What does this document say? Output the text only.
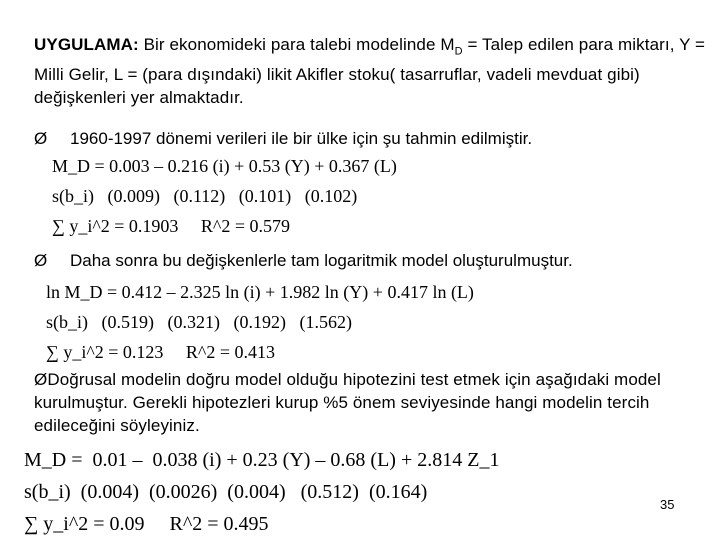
UYGULAMA: Bir ekonomideki para talebi modelinde $M_D$ = Talep edilen para miktarı, Y = Milli Gelir, L = (para dışındaki) likit Akifler stoku( tasarruflar, vadeli mevduat gibi) değişkenleri yer almaktadır.
Ø 1960-1997 dönemi verileri ile bir ülke için şu tahmin edilmiştir.
M_D = 0.003 – 0.216 (i) + 0.53 (Y) + 0.367 (L)
s(b_i)   (0.009)   (0.112)   (0.101)   (0.102)
∑ y_i^2 = 0.1903     R^2 = 0.579
Ø Daha sonra bu değişkenlerle tam logaritmik model oluşturulmuştur.
ln M_D = 0.412 – 2.325 ln (i) + 1.982 ln (Y) + 0.417 ln (L)
s(b_i)   (0.519)   (0.321)   (0.192)   (1.562)
∑ y_i^2 = 0.123     R^2 = 0.413
ØDoğrusal modelin doğru model olduğu hipotezini test etmek için aşağıdaki model kurulmuştur. Gerekli hipotezleri kurup %5 önem seviyesinde hangi modelin tercih edileceğini söyleyiniz.
M_D =  0.01 –  0.038 (i) + 0.23 (Y) – 0.68 (L) + 2.814 Z_1
s(b_i)  (0.004)  (0.0026)  (0.004)   (0.512)  (0.164)
∑ y_i^2 = 0.09     R^2 = 0.495
35
